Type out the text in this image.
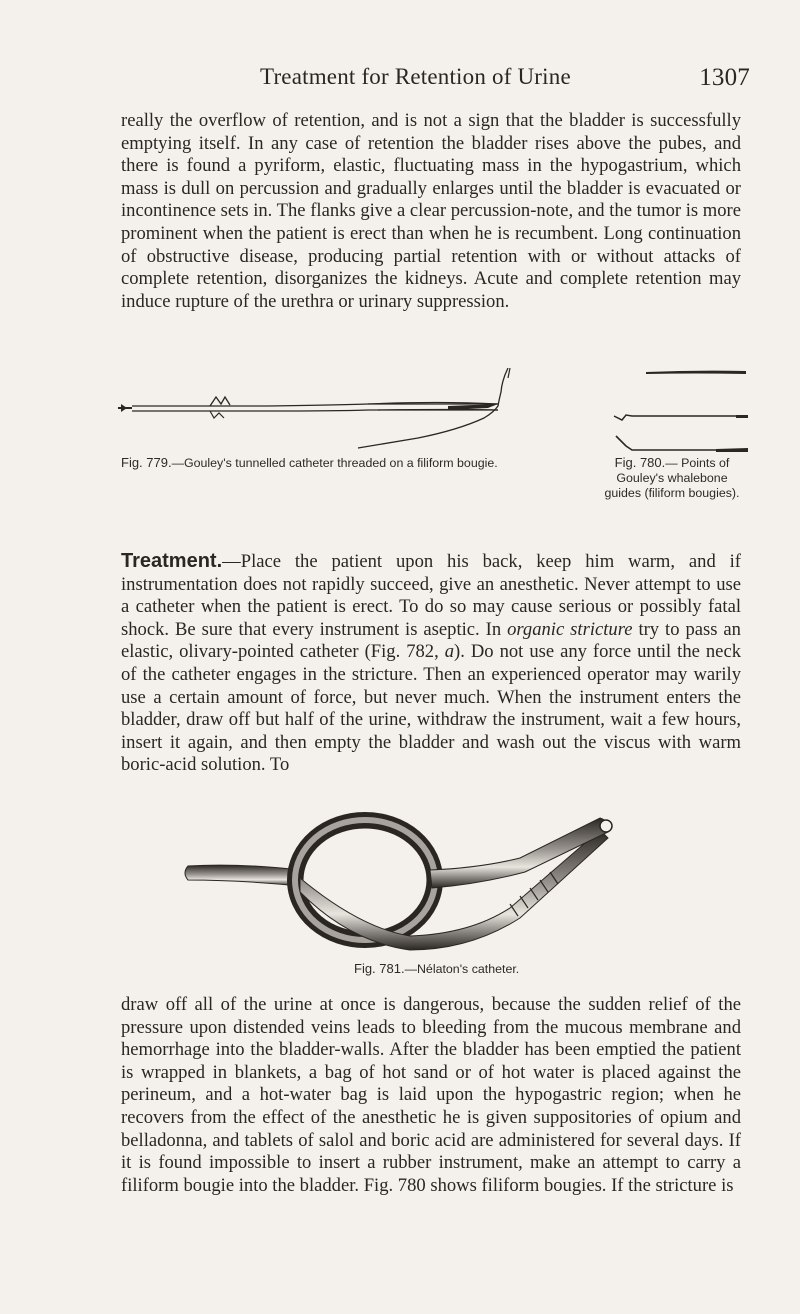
Treatment for Retention of Urine	1307

really the overflow of retention, and is not a sign that the bladder is successfully emptying itself. In any case of retention the bladder rises above the pubes, and there is found a pyriform, elastic, fluctuating mass in the hypogastrium, which mass is dull on percussion and gradually enlarges until the bladder is evacuated or incontinence sets in. The flanks give a clear percussion-note, and the tumor is more prominent when the patient is erect than when he is recumbent. Long continuation of obstructive disease, producing partial retention with or without attacks of complete retention, disorganizes the kidneys. Acute and complete retention may induce rupture of the urethra or urinary suppression.

Fig. 779.—Gouley's tunnelled catheter threaded on a filiform bougie.	Fig. 780.— Points of Gouley's whalebone guides (filiform bougies).

Treatment.—Place the patient upon his back, keep him warm, and if instrumentation does not rapidly succeed, give an anesthetic. Never attempt to use a catheter when the patient is erect. To do so may cause serious or possibly fatal shock. Be sure that every instrument is aseptic. In organic stricture try to pass an elastic, olivary-pointed catheter (Fig. 782, a). Do not use any force until the neck of the catheter engages in the stricture. Then an experienced operator may warily use a certain amount of force, but never much. When the instrument enters the bladder, draw off but half of the urine, withdraw the instrument, wait a few hours, insert it again, and then empty the bladder and wash out the viscus with warm boric-acid solution. To

Fig. 781.—Nélaton's catheter.

draw off all of the urine at once is dangerous, because the sudden relief of the pressure upon distended veins leads to bleeding from the mucous membrane and hemorrhage into the bladder-walls. After the bladder has been emptied the patient is wrapped in blankets, a bag of hot sand or of hot water is placed against the perineum, and a hot-water bag is laid upon the hypogastric region; when he recovers from the effect of the anesthetic he is given suppositories of opium and belladonna, and tablets of salol and boric acid are administered for several days. If it is found impossible to insert a rubber instrument, make an attempt to carry a filiform bougie into the bladder. Fig. 780 shows filiform bougies. If the stricture is
